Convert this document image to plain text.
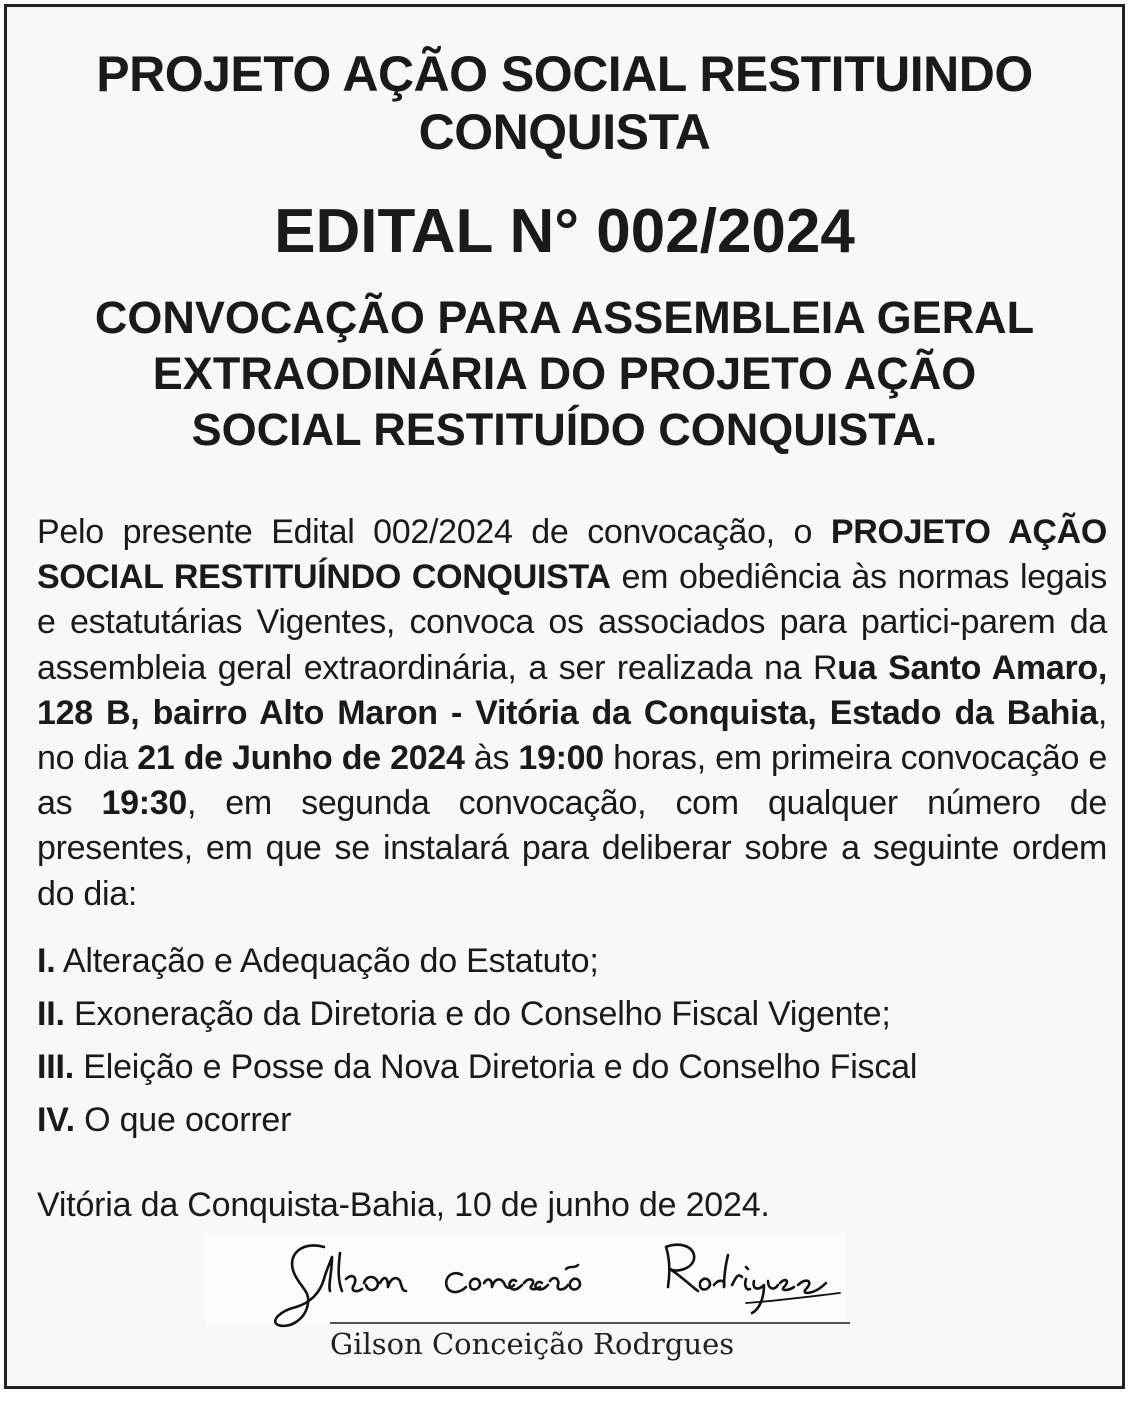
PROJETO AÇÃO SOCIAL RESTITUINDO
CONQUISTA
EDITAL N° 002/2024
CONVOCAÇÃO PARA ASSEMBLEIA GERAL
EXTRAODINÁRIA DO PROJETO AÇÃO
SOCIAL RESTITUÍDO CONQUISTA.

Pelo presente Edital 002/2024 de convocação, o PROJETO AÇÃO SOCIAL RESTITUÍNDO CONQUISTA em obediência às normas legais e estatutárias Vigentes, convoca os associados para partici-parem da assembleia geral extraordinária, a ser realizada na Rua Santo Amaro, 128 B, bairro Alto Maron - Vitória da Conquista, Estado da Bahia, no dia 21 de Junho de 2024 às 19:00 horas, em primeira convocação e as 19:30, em segunda convocação, com qualquer número de presentes, em que se instalará para deliberar sobre a seguinte ordem do dia:

I. Alteração e Adequação do Estatuto;
II. Exoneração da Diretoria e do Conselho Fiscal Vigente;
III. Eleição e Posse da Nova Diretoria e do Conselho Fiscal
IV. O que ocorrer
Vitória da Conquista-Bahia, 10 de junho de 2024.
Gilson Conceição Rodrgues
